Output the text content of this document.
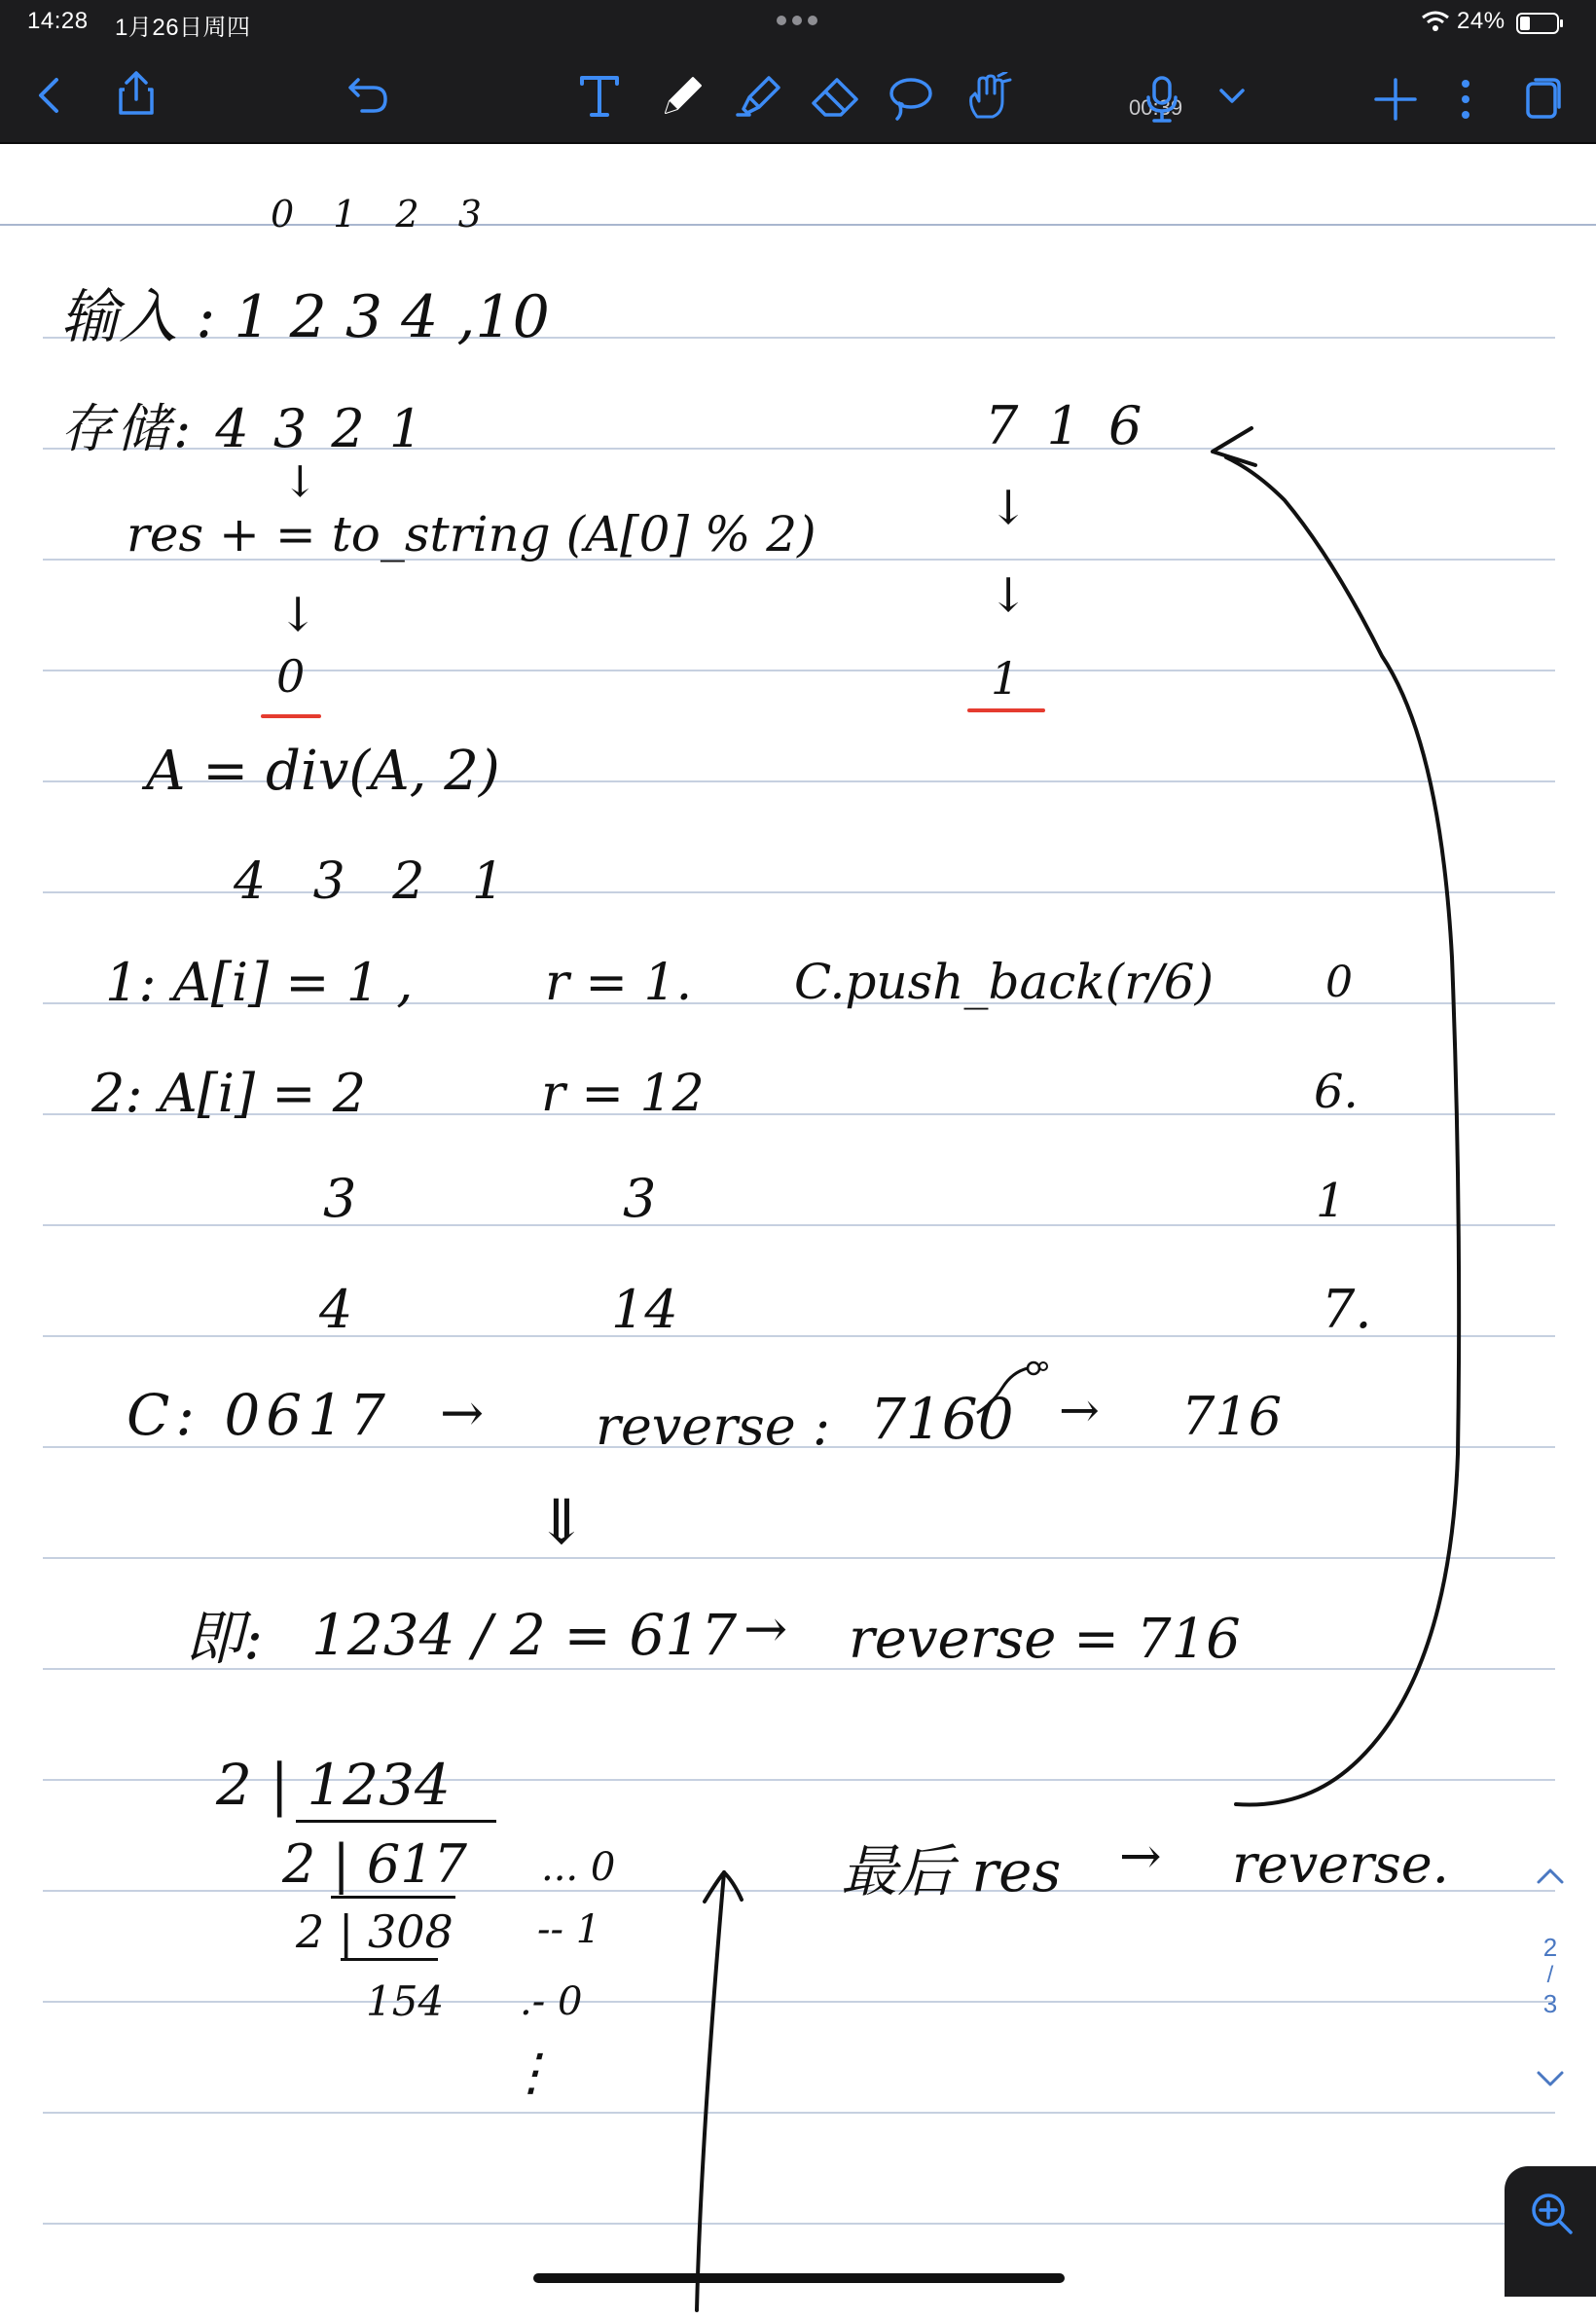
14:28 1月26日周四	24%
00:39
0 1 2 3
输入 : 1 2 3 4 ,10
存储: 4 3 2 1	7 1 6
↓
res + = to_string (A[0] % 2)	↓
↓	↓
0	1
A = div(A, 2)
4 3 2 1
1: A[i] = 1 ,	r = 1. C.push_back(r/6)	0
2: A[i] = 2	r = 12	6.
3	3	1
4	14	7.
C: 0617 → reverse : 7160 → 716
⇓
即: 1234 / 2 = 617 → reverse = 716
2 | 1234
2 | 617 ... 0
2 | 308 -- 1
154 .- 0
⋮
最后 res → reverse.
2
/
3
